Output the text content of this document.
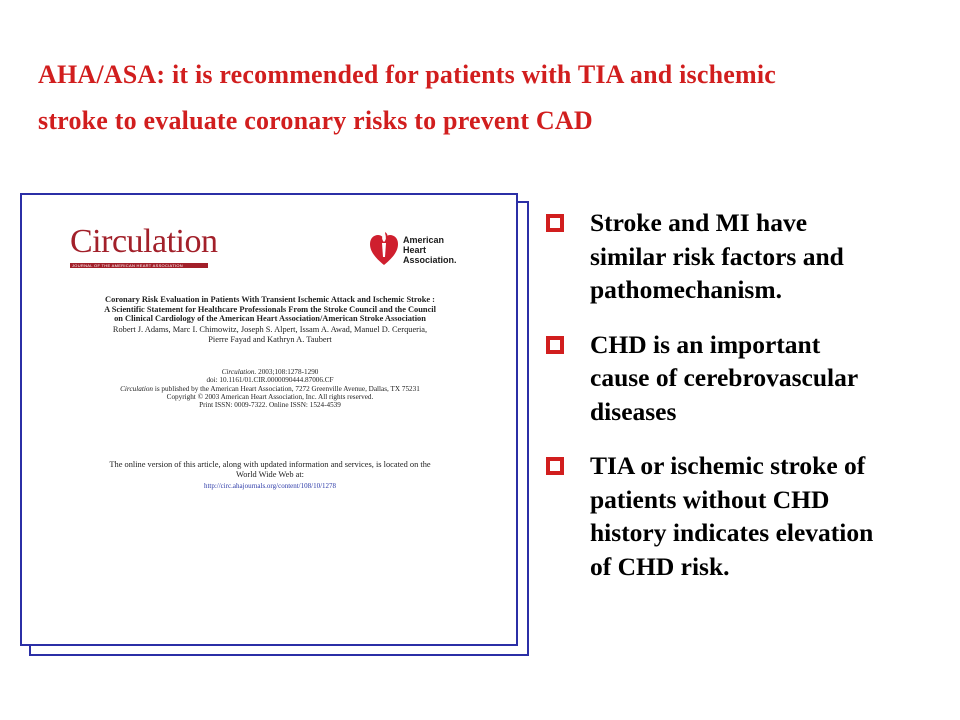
AHA/ASA: it is recommended for patients with TIA and ischemic
stroke to evaluate coronary risks to prevent CAD
Circulation
JOURNAL OF THE AMERICAN HEART ASSOCIATION
American
Heart
Association.
Coronary Risk Evaluation in Patients With Transient Ischemic Attack and Ischemic Stroke :
A Scientific Statement for Healthcare Professionals From the Stroke Council and the Council
on Clinical Cardiology of the American Heart Association/American Stroke Association
Robert J. Adams, Marc I. Chimowitz, Joseph S. Alpert, Issam A. Awad, Manuel D. Cerqueria,
Pierre Fayad and Kathryn A. Taubert
Circulation. 2003;108:1278-1290
doi: 10.1161/01.CIR.0000090444.87006.CF
Circulation is published by the American Heart Association, 7272 Greenville Avenue, Dallas, TX 75231
Copyright © 2003 American Heart Association, Inc. All rights reserved.
Print ISSN: 0009-7322. Online ISSN: 1524-4539
The online version of this article, along with updated information and services, is located on the
World Wide Web at:
http://circ.ahajournals.org/content/108/10/1278
Stroke and MI have
similar risk factors and
pathomechanism.
CHD is an important
cause of cerebrovascular
diseases
TIA or ischemic stroke of
patients without CHD
history indicates elevation
of CHD risk.
